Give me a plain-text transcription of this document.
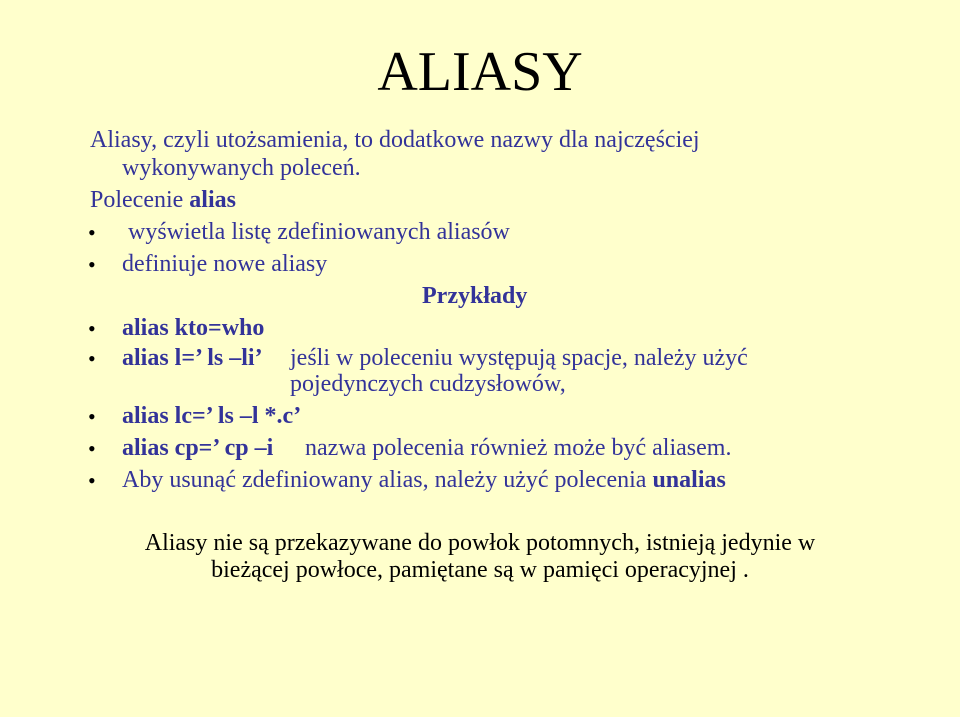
ALIASY
Aliasy, czyli utożsamienia, to dodatkowe nazwy dla najczęściej
wykonywanych poleceń.
Polecenie alias
• wyświetla listę zdefiniowanych aliasów
• definiuje nowe aliasy
Przykłady
• alias kto=who
• alias l=’ ls –li’ jeśli w poleceniu występują spacje, należy użyć
pojedynczych cudzysłowów,
• alias lc=’ ls –l *.c’
• alias cp=’ cp –i nazwa polecenia również może być aliasem.
• Aby usunąć zdefiniowany alias, należy użyć polecenia unalias
Aliasy nie są przekazywane do powłok potomnych, istnieją jedynie w
bieżącej powłoce, pamiętane są w pamięci operacyjnej .
